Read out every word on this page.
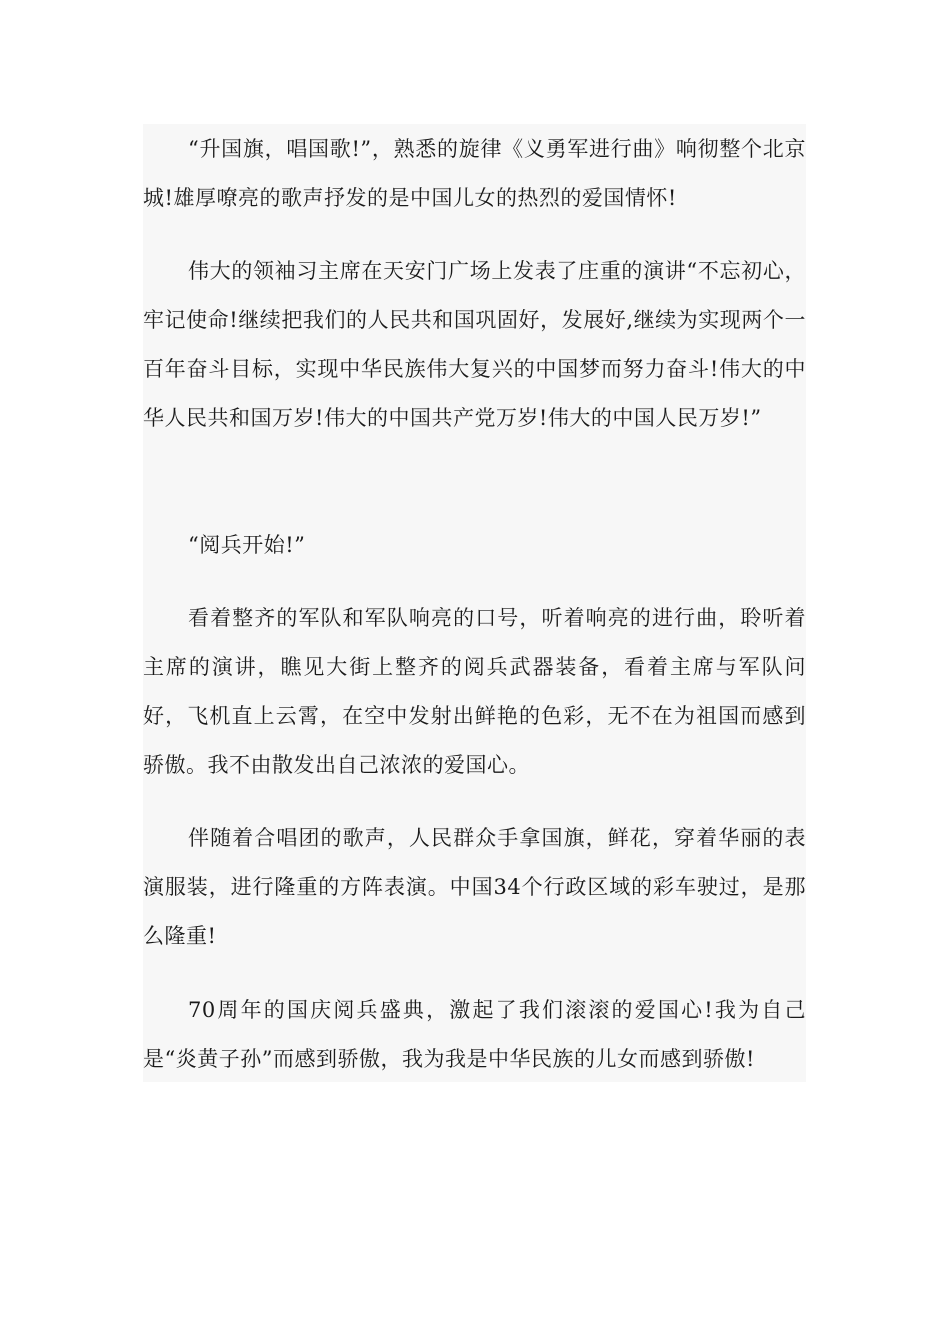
“升国旗，唱国歌!”，熟悉的旋律《义勇军进行曲》响彻整个北京城!雄厚嘹亮的歌声抒发的是中国儿女的热烈的爱国情怀!

伟大的领袖习主席在天安门广场上发表了庄重的演讲“不忘初心，牢记使命!继续把我们的人民共和国巩固好，发展好,继续为实现两个一百年奋斗目标，实现中华民族伟大复兴的中国梦而努力奋斗!伟大的中华人民共和国万岁!伟大的中国共产党万岁!伟大的中国人民万岁!”

“阅兵开始!”

看着整齐的军队和军队响亮的口号，听着响亮的进行曲，聆听着主席的演讲，瞧见大街上整齐的阅兵武器装备，看着主席与军队问好，飞机直上云霄，在空中发射出鲜艳的色彩，无不在为祖国而感到骄傲。我不由散发出自己浓浓的爱国心。

伴随着合唱团的歌声，人民群众手拿国旗，鲜花，穿着华丽的表演服装，进行隆重的方阵表演。中国34个行政区域的彩车驶过，是那么隆重!

70周年的国庆阅兵盛典，激起了我们滚滚的爱国心!我为自己是“炎黄子孙”而感到骄傲，我为我是中华民族的儿女而感到骄傲!
